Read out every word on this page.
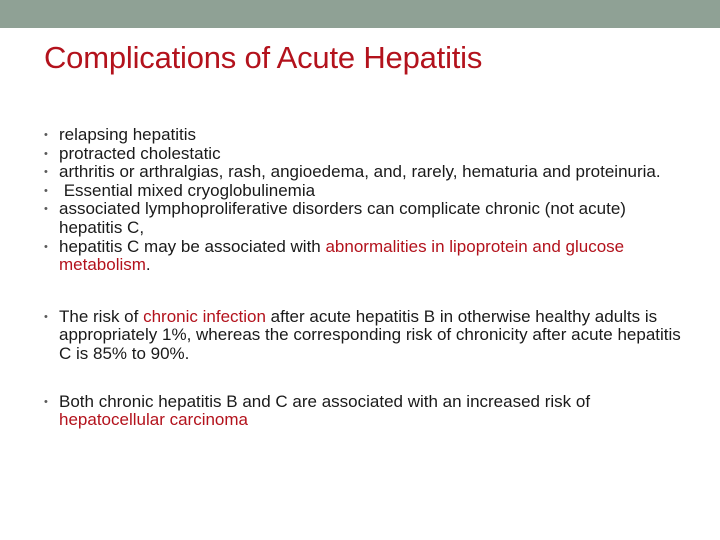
Complications of Acute Hepatitis
• relapsing hepatitis
• protracted cholestatic
• arthritis or arthralgias, rash, angioedema, and, rarely, hematuria and proteinuria.
• Essential mixed cryoglobulinemia
• associated lymphoproliferative disorders can complicate chronic (not acute) hepatitis C,
• hepatitis C may be associated with abnormalities in lipoprotein and glucose metabolism.
• The risk of chronic infection after acute hepatitis B in otherwise healthy adults is appropriately 1%, whereas the corresponding risk of chronicity after acute hepatitis C is 85% to 90%.
• Both chronic hepatitis B and C are associated with an increased risk of hepatocellular carcinoma
